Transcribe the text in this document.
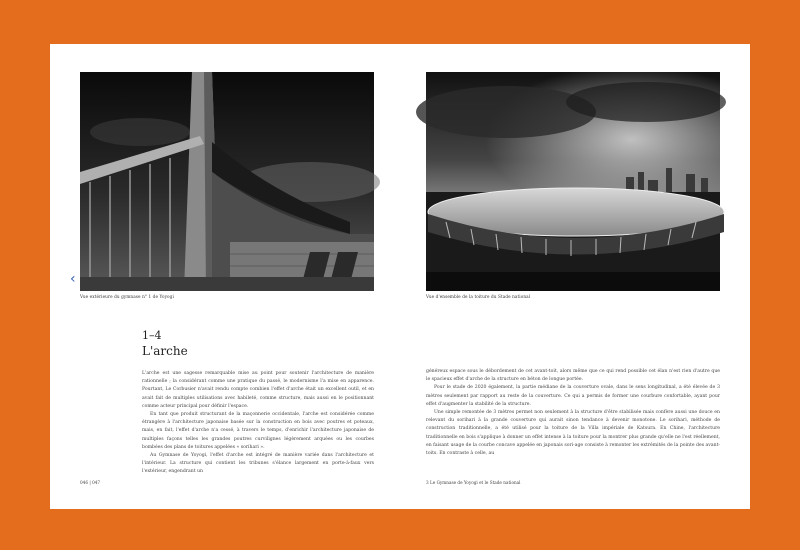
Vue extérieure du gymnase n° 1 de Yoyogi	Vue d'ensemble de la toiture du Stade national
1–4
L'arche

L'arche est une sagesse remarquable mise au point pour soutenir l'architecture de manière rationnelle ; la considérant comme une pratique du passé, le modernisme l'a mise en apparence. Pourtant, Le Corbusier n'avait rendu compte combien l'effet d'arche était un excellent outil, et en avait fait de multiples utilisations avec habileté, comme structure, mais aussi en le positionnant comme acteur principal pour définir l'espace.

En tant que produit structurant de la maçonnerie occidentale, l'arche est considérée comme étrangère à l'architecture japonaise basée sur la construction en bois avec poutres et poteaux, mais, en fait, l'effet d'arche n'a cessé, à travers le temps, d'enrichir l'architecture japonaise de multiples façons telles les grandes poutres curvilignes légèrement arquées ou les courbes bombées des plans de toitures appelées « sorihari ».

Au Gymnase de Yoyogi, l'effet d'arche est intégré de manière variée dans l'architecture et l'intérieur. La structure qui contient les tribunes s'élance largement en porte-à-faux vers l'extérieur, engendrant un

généreux espace sous le débordement de cet avant-toit, alors même que ce qui rend possible cet élan n'est rien d'autre que le spacieux effet d'arche de la structure en béton de longue portée.

Pour le stade de 2020 également, la partie médiane de la couverture ovale, dans le sens longitudinal, a été élevée de 3 mètres seulement par rapport au reste de la couverture. Ce qui a permis de former une courbure confortable, ayant pour effet d'augmenter la stabilité de la structure.

Une simple remontée de 3 mètres permet non seulement à la structure d'être stabilisée mais confère aussi une douce en relevant du sorihari à la grande couverture qui aurait sinon tendance à devenir monotone. Le sorihari, méthode de construction traditionnelle, a été utilisé pour la toiture de la Villa impériale de Katsura. En Chine, l'architecture traditionnelle en bois s'applique à donner un effet intense à la toiture pour la montrer plus grande qu'elle ne l'est réellement, en faisant usage de la courbe concave appelée en japonais sori-age consiste à remonter les extrémités de la pointe des avant-toits. En contraste à celle, au

046 | 047	3 Le Gymnase de Yoyogi et le Stade national
‹
